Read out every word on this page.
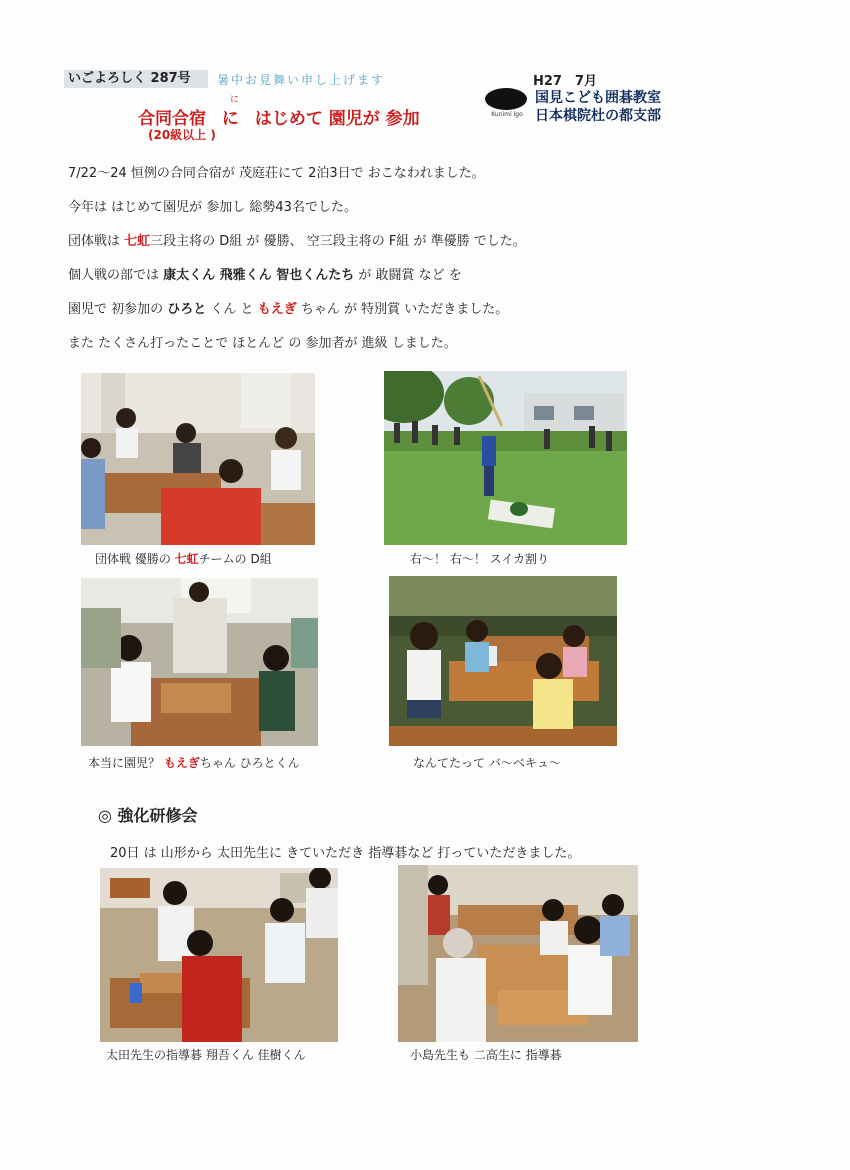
いごよろしく 287号	暑中お見舞い申し上げます	H27　7月
Kunimi Igo
国見こども囲碁教室
日本棋院杜の都支部
合同合宿
に
に はじめて 園児が 参加
(20級以上 )
7/22～24 恒例の合同合宿が 茂庭荘にて 2泊3日で おこなわれました。
今年は はじめて園児が 参加し 総勢43名でした。
団体戦は 七虹三段主将の D組 が 優勝、 空三段主将の F組 が 準優勝 でした。
個人戦の部では 康太くん 飛雅くん 智也くんたち が 敢闘賞 など を
園児で 初参加の ひろと くん と もえぎ ちゃん が 特別賞 いただきました。
また たくさん打ったことで ほとんど の 参加者が 進級 しました。
団体戦 優勝の 七虹チームの D組	右～！ 右～！ スイカ割り
本当に園児？ もえぎちゃん ひろとくん	なんてたって バ～ベキュ～
◎ 強化研修会
20日 は 山形から 太田先生に きていただき 指導碁など 打っていただきました。
太田先生の指導碁 翔吾くん 佳樹くん	小島先生も 二高生に 指導碁
